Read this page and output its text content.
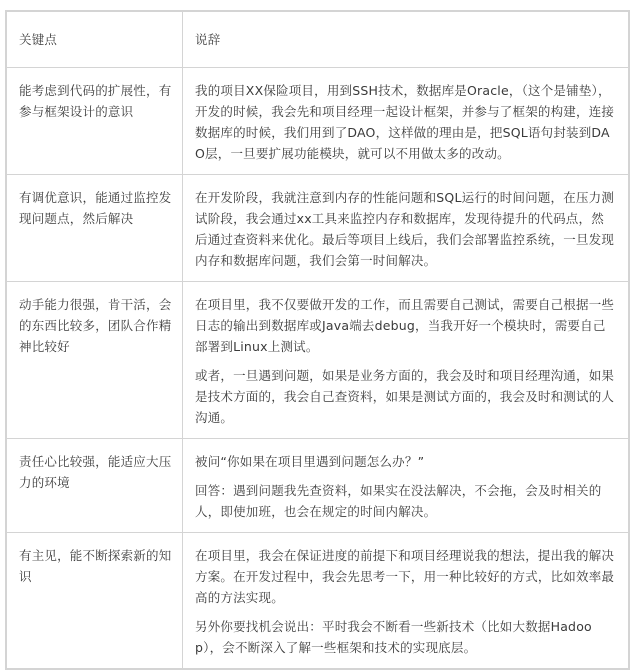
关键点	说辞
能考虑到代码的扩展性，有参与框架设计的意识	我的项目XX保险项目，用到SSH技术，数据库是Oracle，（这个是铺垫），开发的时候，我会先和项目经理一起设计框架，并参与了框架的构建，连接数据库的时候，我们用到了DAO，这样做的理由是，把SQL语句封装到DAO层，一旦要扩展功能模块，就可以不用做太多的改动。

有调优意识，能通过监控发现问题点，然后解决	在开发阶段，我就注意到内存的性能问题和SQL运行的时间问题，在压力测试阶段，我会通过xx工具来监控内存和数据库，发现待提升的代码点，然后通过查资料来优化。最后等项目上线后，我们会部署监控系统，一旦发现内存和数据库问题，我们会第一时间解决。

动手能力很强，肯干活，会的东西比较多，团队合作精神比较好	在项目里，我不仅要做开发的工作，而且需要自己测试，需要自己根据一些日志的输出到数据库或Java端去debug，当我开好一个模块时，需要自己部署到Linux上测试。

或者，一旦遇到问题，如果是业务方面的，我会及时和项目经理沟通，如果是技术方面的，我会自己查资料，如果是测试方面的，我会及时和测试的人沟通。

责任心比较强，能适应大压力的环境	被问“你如果在项目里遇到问题怎么办？”

回答：遇到问题我先查资料，如果实在没法解决，不会拖，会及时相关的人，即使加班，也会在规定的时间内解决。

有主见，能不断探索新的知识	在项目里，我会在保证进度的前提下和项目经理说我的想法，提出我的解决方案。在开发过程中，我会先思考一下，用一种比较好的方式，比如效率最高的方法实现。

另外你要找机会说出：平时我会不断看一些新技术（比如大数据Hadoop），会不断深入了解一些框架和技术的实现底层。
